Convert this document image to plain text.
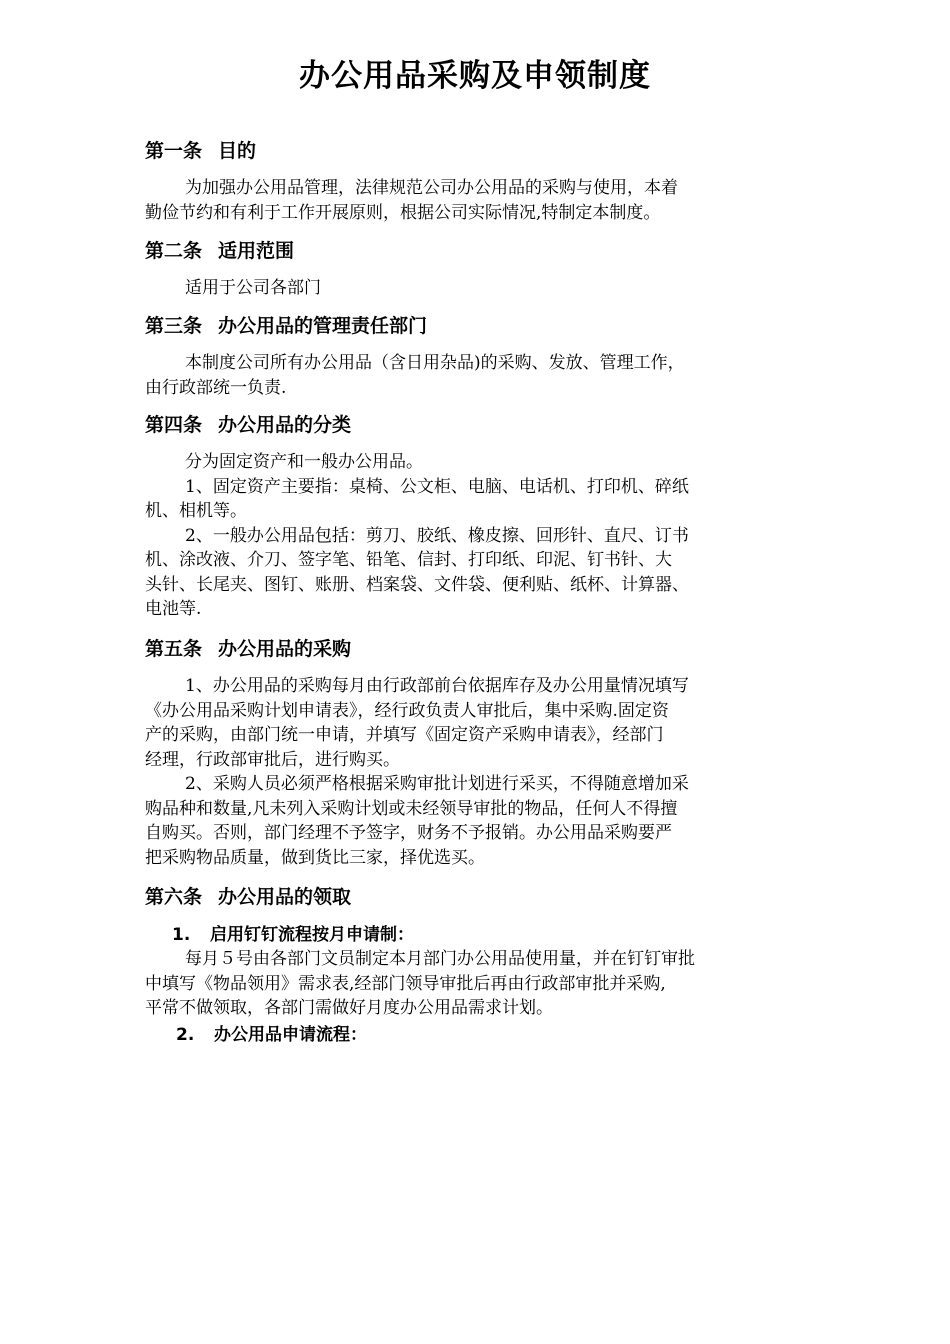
办公用品采购及申领制度
第一条 目的
为加强办公用品管理，法律规范公司办公用品的采购与使用，本着
勤俭节约和有利于工作开展原则，根据公司实际情况,特制定本制度。
第二条 适用范围
适用于公司各部门
第三条 办公用品的管理责任部门
本制度公司所有办公用品（含日用杂品)的采购、发放、管理工作，
由行政部统一负责.
第四条 办公用品的分类
分为固定资产和一般办公用品。
1、固定资产主要指：桌椅、公文柜、电脑、电话机、打印机、碎纸
机、相机等。
2、一般办公用品包括：剪刀、胶纸、橡皮擦、回形针、直尺、订书
机、涂改液、介刀、签字笔、铅笔、信封、打印纸、印泥、钉书针、大
头针、长尾夹、图钉、账册、档案袋、文件袋、便利贴、纸杯、计算器、
电池等.
第五条 办公用品的采购
1、办公用品的采购每月由行政部前台依据库存及办公用量情况填写
《办公用品采购计划申请表》，经行政负责人审批后，集中采购.固定资
产的采购，由部门统一申请，并填写《固定资产采购申请表》，经部门
经理，行政部审批后，进行购买。
2、采购人员必须严格根据采购审批计划进行采买，不得随意增加采
购品种和数量,凡未列入采购计划或未经领导审批的物品，任何人不得擅
自购买。否则，部门经理不予签字，财务不予报销。办公用品采购要严
把采购物品质量，做到货比三家，择优选买。
第六条 办公用品的领取
1. 启用钉钉流程按月申请制：
每月５号由各部门文员制定本月部门办公用品使用量，并在钉钉审批
中填写《物品领用》需求表,经部门领导审批后再由行政部审批并采购,
平常不做领取，各部门需做好月度办公用品需求计划。
2. 办公用品申请流程：
